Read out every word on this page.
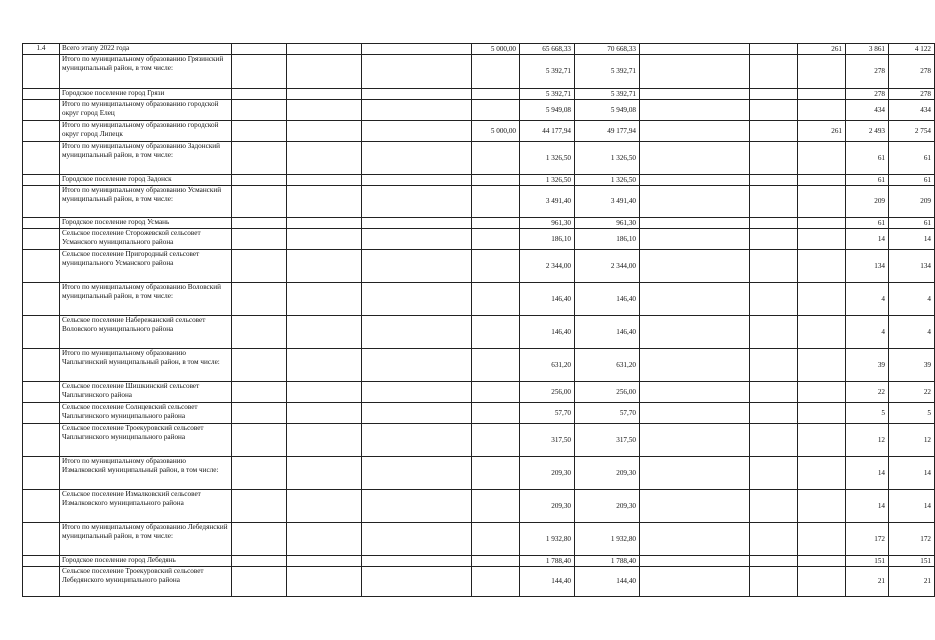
1.4	Всего этапу 2022 года				5 000,00	65 668,33	70 668,33			261	3 861	4 122
	Итого по муниципальному образованию Грязинский муниципальный район, в том числе:					5 392,71	5 392,71				278	278
	Городское поселение город Грязи					5 392,71	5 392,71				278	278
	Итого по муниципальному образованию городской округ город Елец					5 949,08	5 949,08				434	434
	Итого по муниципальному образованию городской округ город Липецк				5 000,00	44 177,94	49 177,94			261	2 493	2 754
	Итого по муниципальному образованию Задонский муниципальный район, в том числе:					1 326,50	1 326,50				61	61
	Городское поселение город Задонск					1 326,50	1 326,50				61	61
	Итого по муниципальному образованию Усманский муниципальный район, в том числе:					3 491,40	3 491,40				209	209
	Городское поселение город Усмань					961,30	961,30				61	61
	Сельское поселение Сторожевской сельсовет Усманского муниципального района					186,10	186,10				14	14
	Сельское поселение Пригородный сельсовет муниципального Усманского района					2 344,00	2 344,00				134	134
	Итого по муниципальному образованию Воловский муниципальный район, в том числе:					146,40	146,40				4	4
	Сельское поселение Набережанский сельсовет Воловского муниципального района					146,40	146,40				4	4
	Итого по муниципальному образованию Чаплыгинский муниципальный район, в том числе:					631,20	631,20				39	39
	Сельское поселение Шишкинский сельсовет Чаплыгинского района					256,00	256,00				22	22
	Сельское поселение Солнцевский сельсовет Чаплыгинского муниципального района					57,70	57,70				5	5
	Сельское поселение Троекуровский сельсовет Чаплыгинского муниципального района					317,50	317,50				12	12
	Итого по муниципальному образованию Измалковский муниципальный район, в том числе:					209,30	209,30				14	14
	Сельское поселение Измалковский сельсовет Измалковского муниципального района					209,30	209,30				14	14
	Итого по муниципальному образованию Лебедянский муниципальный район, в том числе:					1 932,80	1 932,80				172	172
	Городское поселение город Лебедянь					1 788,40	1 788,40				151	151
	Сельское поселение Троекуровский сельсовет Лебедянского муниципального района					144,40	144,40				21	21
